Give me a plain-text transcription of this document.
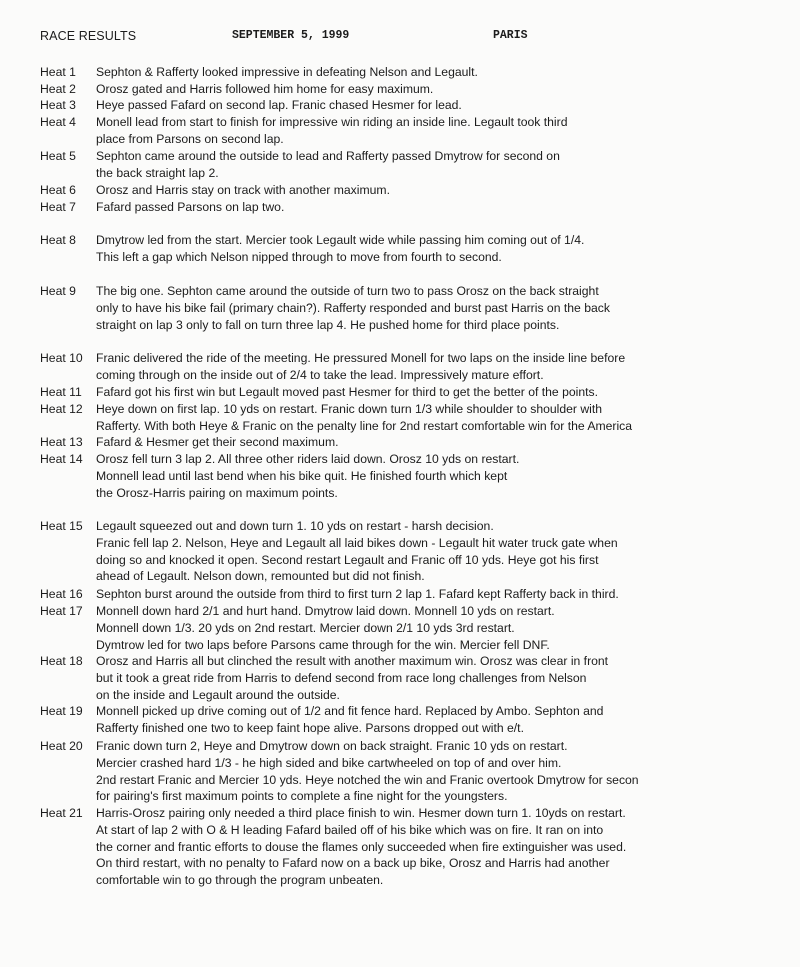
RACE RESULTS	SEPTEMBER 5, 1999	PARIS
Heat 1 Sephton & Rafferty looked impressive in defeating Nelson and Legault.
Heat 2 Orosz gated and Harris followed him home for easy maximum.
Heat 3 Heye passed Fafard on second lap. Franic chased Hesmer for lead.
Heat 4 Monell lead from start to finish for impressive win riding an inside line. Legault took third
place from Parsons on second lap.
Heat 5 Sephton came around the outside to lead and Rafferty passed Dmytrow for second on
the back straight lap 2.
Heat 6 Orosz and Harris stay on track with another maximum.
Heat 7 Fafard passed Parsons on lap two.
Heat 8 Dmytrow led from the start. Mercier took Legault wide while passing him coming out of 1/4.
This left a gap which Nelson nipped through to move from fourth to second.
Heat 9 The big one. Sephton came around the outside of turn two to pass Orosz on the back straight
only to have his bike fail (primary chain?). Rafferty responded and burst past Harris on the back
straight on lap 3 only to fall on turn three lap 4. He pushed home for third place points.
Heat 10 Franic delivered the ride of the meeting. He pressured Monell for two laps on the inside line before
coming through on the inside out of 2/4 to take the lead. Impressively mature effort.
Heat 11 Fafard got his first win but Legault moved past Hesmer for third to get the better of the points.
Heat 12 Heye down on first lap. 10 yds on restart. Franic down turn 1/3 while shoulder to shoulder with
Rafferty. With both Heye & Franic on the penalty line for 2nd restart comfortable win for the America
Heat 13 Fafard & Hesmer get their second maximum.
Heat 14 Orosz fell turn 3 lap 2. All three other riders laid down. Orosz 10 yds on restart.
Monnell lead until last bend when his bike quit. He finished fourth which kept
the Orosz-Harris pairing on maximum points.
Heat 15 Legault squeezed out and down turn 1. 10 yds on restart - harsh decision.
Franic fell lap 2. Nelson, Heye and Legault all laid bikes down - Legault hit water truck gate when
doing so and knocked it open. Second restart Legault and Franic off 10 yds. Heye got his first
ahead of Legault. Nelson down, remounted but did not finish.
Heat 16 Sephton burst around the outside from third to first turn 2 lap 1. Fafard kept Rafferty back in third.
Heat 17 Monnell down hard 2/1 and hurt hand. Dmytrow laid down. Monnell 10 yds on restart.
Monnell down 1/3. 20 yds on 2nd restart. Mercier down 2/1 10 yds 3rd restart.
Dymtrow led for two laps before Parsons came through for the win. Mercier fell DNF.
Heat 18 Orosz and Harris all but clinched the result with another maximum win. Orosz was clear in front
but it took a great ride from Harris to defend second from race long challenges from Nelson
on the inside and Legault around the outside.
Heat 19 Monnell picked up drive coming out of 1/2 and fit fence hard. Replaced by Ambo. Sephton and
Rafferty finished one two to keep faint hope alive. Parsons dropped out with e/t.
Heat 20 Franic down turn 2, Heye and Dmytrow down on back straight. Franic 10 yds on restart.
Mercier crashed hard 1/3 - he high sided and bike cartwheeled on top of and over him.
2nd restart Franic and Mercier 10 yds. Heye notched the win and Franic overtook Dmytrow for secon
for pairing's first maximum points to complete a fine night for the youngsters.
Heat 21 Harris-Orosz pairing only needed a third place finish to win. Hesmer down turn 1. 10yds on restart.
At start of lap 2 with O & H leading Fafard bailed off of his bike which was on fire. It ran on into
the corner and frantic efforts to douse the flames only succeeded when fire extinguisher was used.
On third restart, with no penalty to Fafard now on a back up bike, Orosz and Harris had another
comfortable win to go through the program unbeaten.
